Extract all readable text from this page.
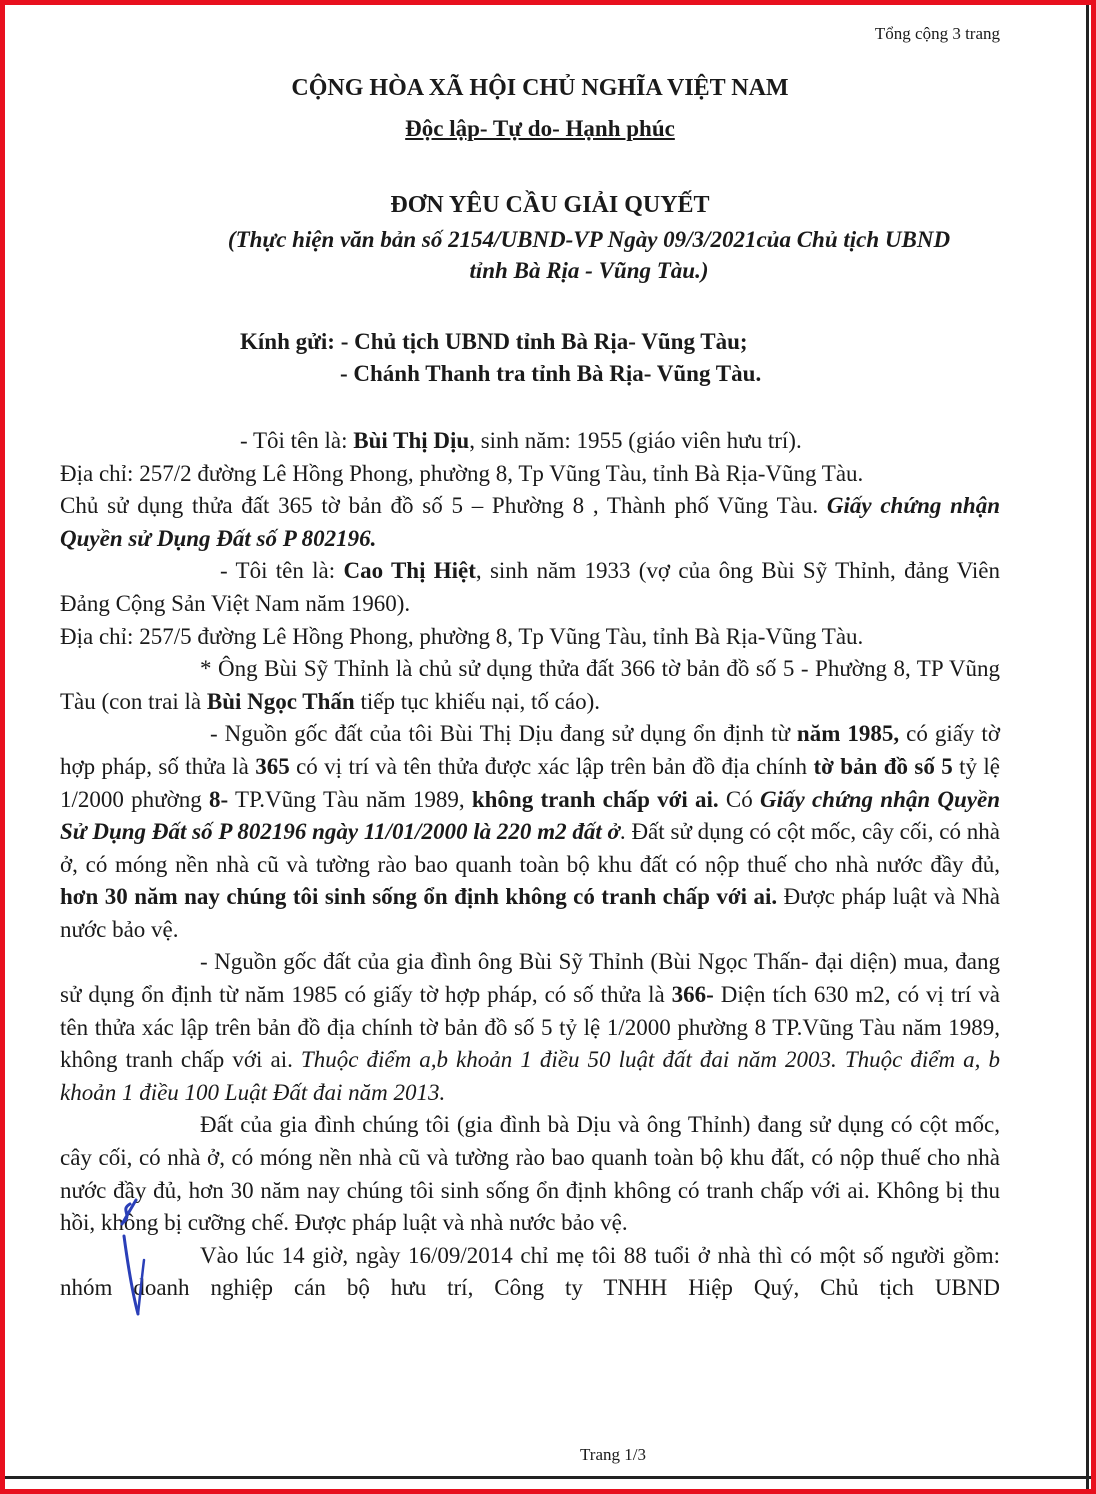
Tổng cộng 3 trang
CỘNG HÒA XÃ HỘI CHỦ NGHĨA VIỆT NAM
Độc lập- Tự do- Hạnh phúc
ĐƠN YÊU CẦU GIẢI QUYẾT
(Thực hiện văn bản số 2154/UBND-VP Ngày 09/3/2021của Chủ tịch UBND
tỉnh Bà Rịa - Vũng Tàu.)
Kính gửi: - Chủ tịch UBND tỉnh Bà Rịa- Vũng Tàu;
- Chánh Thanh tra tỉnh Bà Rịa- Vũng Tàu.

- Tôi tên là: Bùi Thị Dịu, sinh năm: 1955 (giáo viên hưu trí).

Địa chỉ: 257/2 đường Lê Hồng Phong, phường 8, Tp Vũng Tàu, tỉnh Bà Rịa-Vũng Tàu.

Chủ sử dụng thửa đất 365 tờ bản đồ số 5 – Phường 8 , Thành phố Vũng Tàu. Giấy chứng nhận Quyền sử Dụng Đất số P 802196.

- Tôi tên là: Cao Thị Hiệt, sinh năm 1933 (vợ của ông Bùi Sỹ Thỉnh, đảng Viên Đảng Cộng Sản Việt Nam năm 1960).

Địa chỉ: 257/5 đường Lê Hồng Phong, phường 8, Tp Vũng Tàu, tỉnh Bà Rịa-Vũng Tàu.

* Ông Bùi Sỹ Thỉnh là chủ sử dụng thửa đất 366 tờ bản đồ số 5 - Phường 8, TP Vũng Tàu (con trai là Bùi Ngọc Thấn tiếp tục khiếu nại, tố cáo).

- Nguồn gốc đất của tôi Bùi Thị Dịu đang sử dụng ổn định từ năm 1985, có giấy tờ hợp pháp, số thửa là 365 có vị trí và tên thửa được xác lập trên bản đồ địa chính tờ bản đồ số 5 tỷ lệ 1/2000 phường 8- TP.Vũng Tàu năm 1989, không tranh chấp với ai. Có Giấy chứng nhận Quyền Sử Dụng Đất số P 802196 ngày 11/01/2000 là 220 m2 đất ở. Đất sử dụng có cột mốc, cây cối, có nhà ở, có móng nền nhà cũ và tường rào bao quanh toàn bộ khu đất có nộp thuế cho nhà nước đầy đủ, hơn 30 năm nay chúng tôi sinh sống ổn định không có tranh chấp với ai. Được pháp luật và Nhà nước bảo vệ.

- Nguồn gốc đất của gia đình ông Bùi Sỹ Thỉnh (Bùi Ngọc Thấn- đại diện) mua, đang sử dụng ổn định từ năm 1985 có giấy tờ hợp pháp, có số thửa là 366- Diện tích 630 m2, có vị trí và tên thửa xác lập trên bản đồ địa chính tờ bản đồ số 5 tỷ lệ 1/2000 phường 8 TP.Vũng Tàu năm 1989, không tranh chấp với ai. Thuộc điểm a,b khoản 1 điều 50 luật đất đai năm 2003. Thuộc điểm a, b khoản 1 điều 100 Luật Đất đai năm 2013.

Đất của gia đình chúng tôi (gia đình bà Dịu và ông Thỉnh) đang sử dụng có cột mốc, cây cối, có nhà ở, có móng nền nhà cũ và tường rào bao quanh toàn bộ khu đất, có nộp thuế cho nhà nước đầy đủ, hơn 30 năm nay chúng tôi sinh sống ổn định không có tranh chấp với ai. Không bị thu hồi, không bị cưỡng chế. Được pháp luật và nhà nước bảo vệ.

Vào lúc 14 giờ, ngày 16/09/2014 chỉ mẹ tôi 88 tuổi ở nhà thì có một số người gồm: nhóm doanh nghiệp cán bộ hưu trí, Công ty TNHH Hiệp Quý, Chủ tịch UBND

Trang 1/3
